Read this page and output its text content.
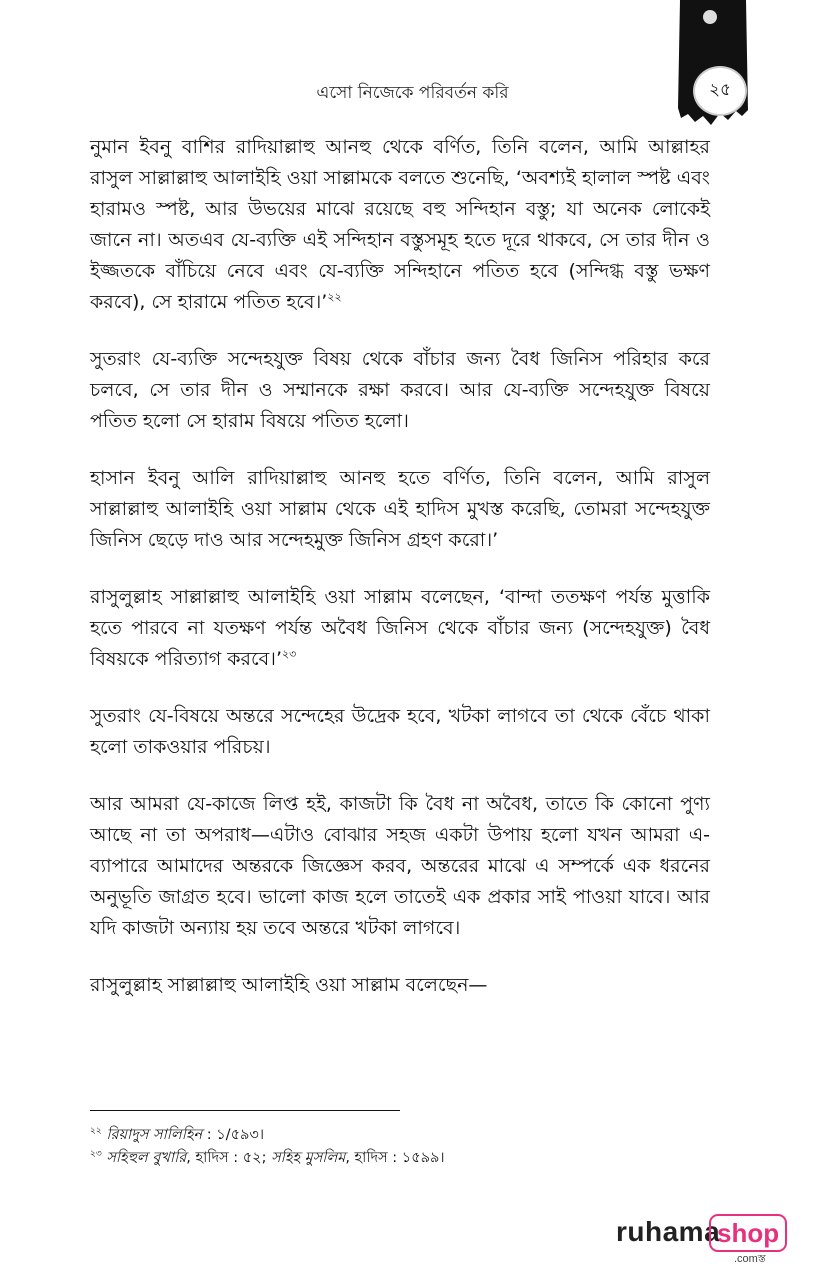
এসো নিজেকে পরিবর্তন করি	২৫

নুমান ইবনু বাশির রাদিয়াল্লাহু আনহু থেকে বর্ণিত, তিনি বলেন, আমি আল্লাহর রাসুল সাল্লাল্লাহু আলাইহি ওয়া সাল্লামকে বলতে শুনেছি, ‘অবশ্যই হালাল স্পষ্ট এবং হারামও স্পষ্ট, আর উভয়ের মাঝে রয়েছে বহু সন্দিহান বস্তু; যা অনেক লোকেই জানে না। অতএব যে-ব্যক্তি এই সন্দিহান বস্তুসমূহ হতে দূরে থাকবে, সে তার দীন ও ইজ্জতকে বাঁচিয়ে নেবে এবং যে-ব্যক্তি সন্দিহানে পতিত হবে (সন্দিগ্ধ বস্তু ভক্ষণ করবে), সে হারামে পতিত হবে।’$^{২২}$

সুতরাং যে-ব্যক্তি সন্দেহযুক্ত বিষয় থেকে বাঁচার জন্য বৈধ জিনিস পরিহার করে চলবে, সে তার দীন ও সম্মানকে রক্ষা করবে। আর যে-ব্যক্তি সন্দেহযুক্ত বিষয়ে পতিত হলো সে হারাম বিষয়ে পতিত হলো।

হাসান ইবনু আলি রাদিয়াল্লাহু আনহু হতে বর্ণিত, তিনি বলেন, আমি রাসুল সাল্লাল্লাহু আলাইহি ওয়া সাল্লাম থেকে এই হাদিস মুখস্ত করেছি, তোমরা সন্দেহযুক্ত জিনিস ছেড়ে দাও আর সন্দেহমুক্ত জিনিস গ্রহণ করো।’

রাসুলুল্লাহ সাল্লাল্লাহু আলাইহি ওয়া সাল্লাম বলেছেন, ‘বান্দা ততক্ষণ পর্যন্ত মুত্তাকি হতে পারবে না যতক্ষণ পর্যন্ত অবৈধ জিনিস থেকে বাঁচার জন্য (সন্দেহযুক্ত) বৈধ বিষয়কে পরিত্যাগ করবে।’$^{২৩}$

সুতরাং যে-বিষয়ে অন্তরে সন্দেহের উদ্রেক হবে, খটকা লাগবে তা থেকে বেঁচে থাকা হলো তাকওয়ার পরিচয়।

আর আমরা যে-কাজে লিপ্ত হই, কাজটা কি বৈধ না অবৈধ, তাতে কি কোনো পুণ্য আছে না তা অপরাধ—এটাও বোঝার সহজ একটা উপায় হলো যখন আমরা এ-ব্যাপারে আমাদের অন্তরকে জিজ্ঞেস করব, অন্তরের মাঝে এ সম্পর্কে এক ধরনের অনুভূতি জাগ্রত হবে। ভালো কাজ হলে তাতেই এক প্রকার সাই পাওয়া যাবে। আর যদি কাজটা অন্যায় হয় তবে অন্তরে খটকা লাগবে।

রাসুলুল্লাহ সাল্লাল্লাহু আলাইহি ওয়া সাল্লাম বলেছেন—

$^{২২}$ রিয়াদুস সালিহিন : ১/৫৯৩।

$^{২৩}$ সহিহুল বুখারি, হাদিস : ৫২; সহিহ মুসলিম, হাদিস : ১৫৯৯।

ruhama
shop
.comস্ত
